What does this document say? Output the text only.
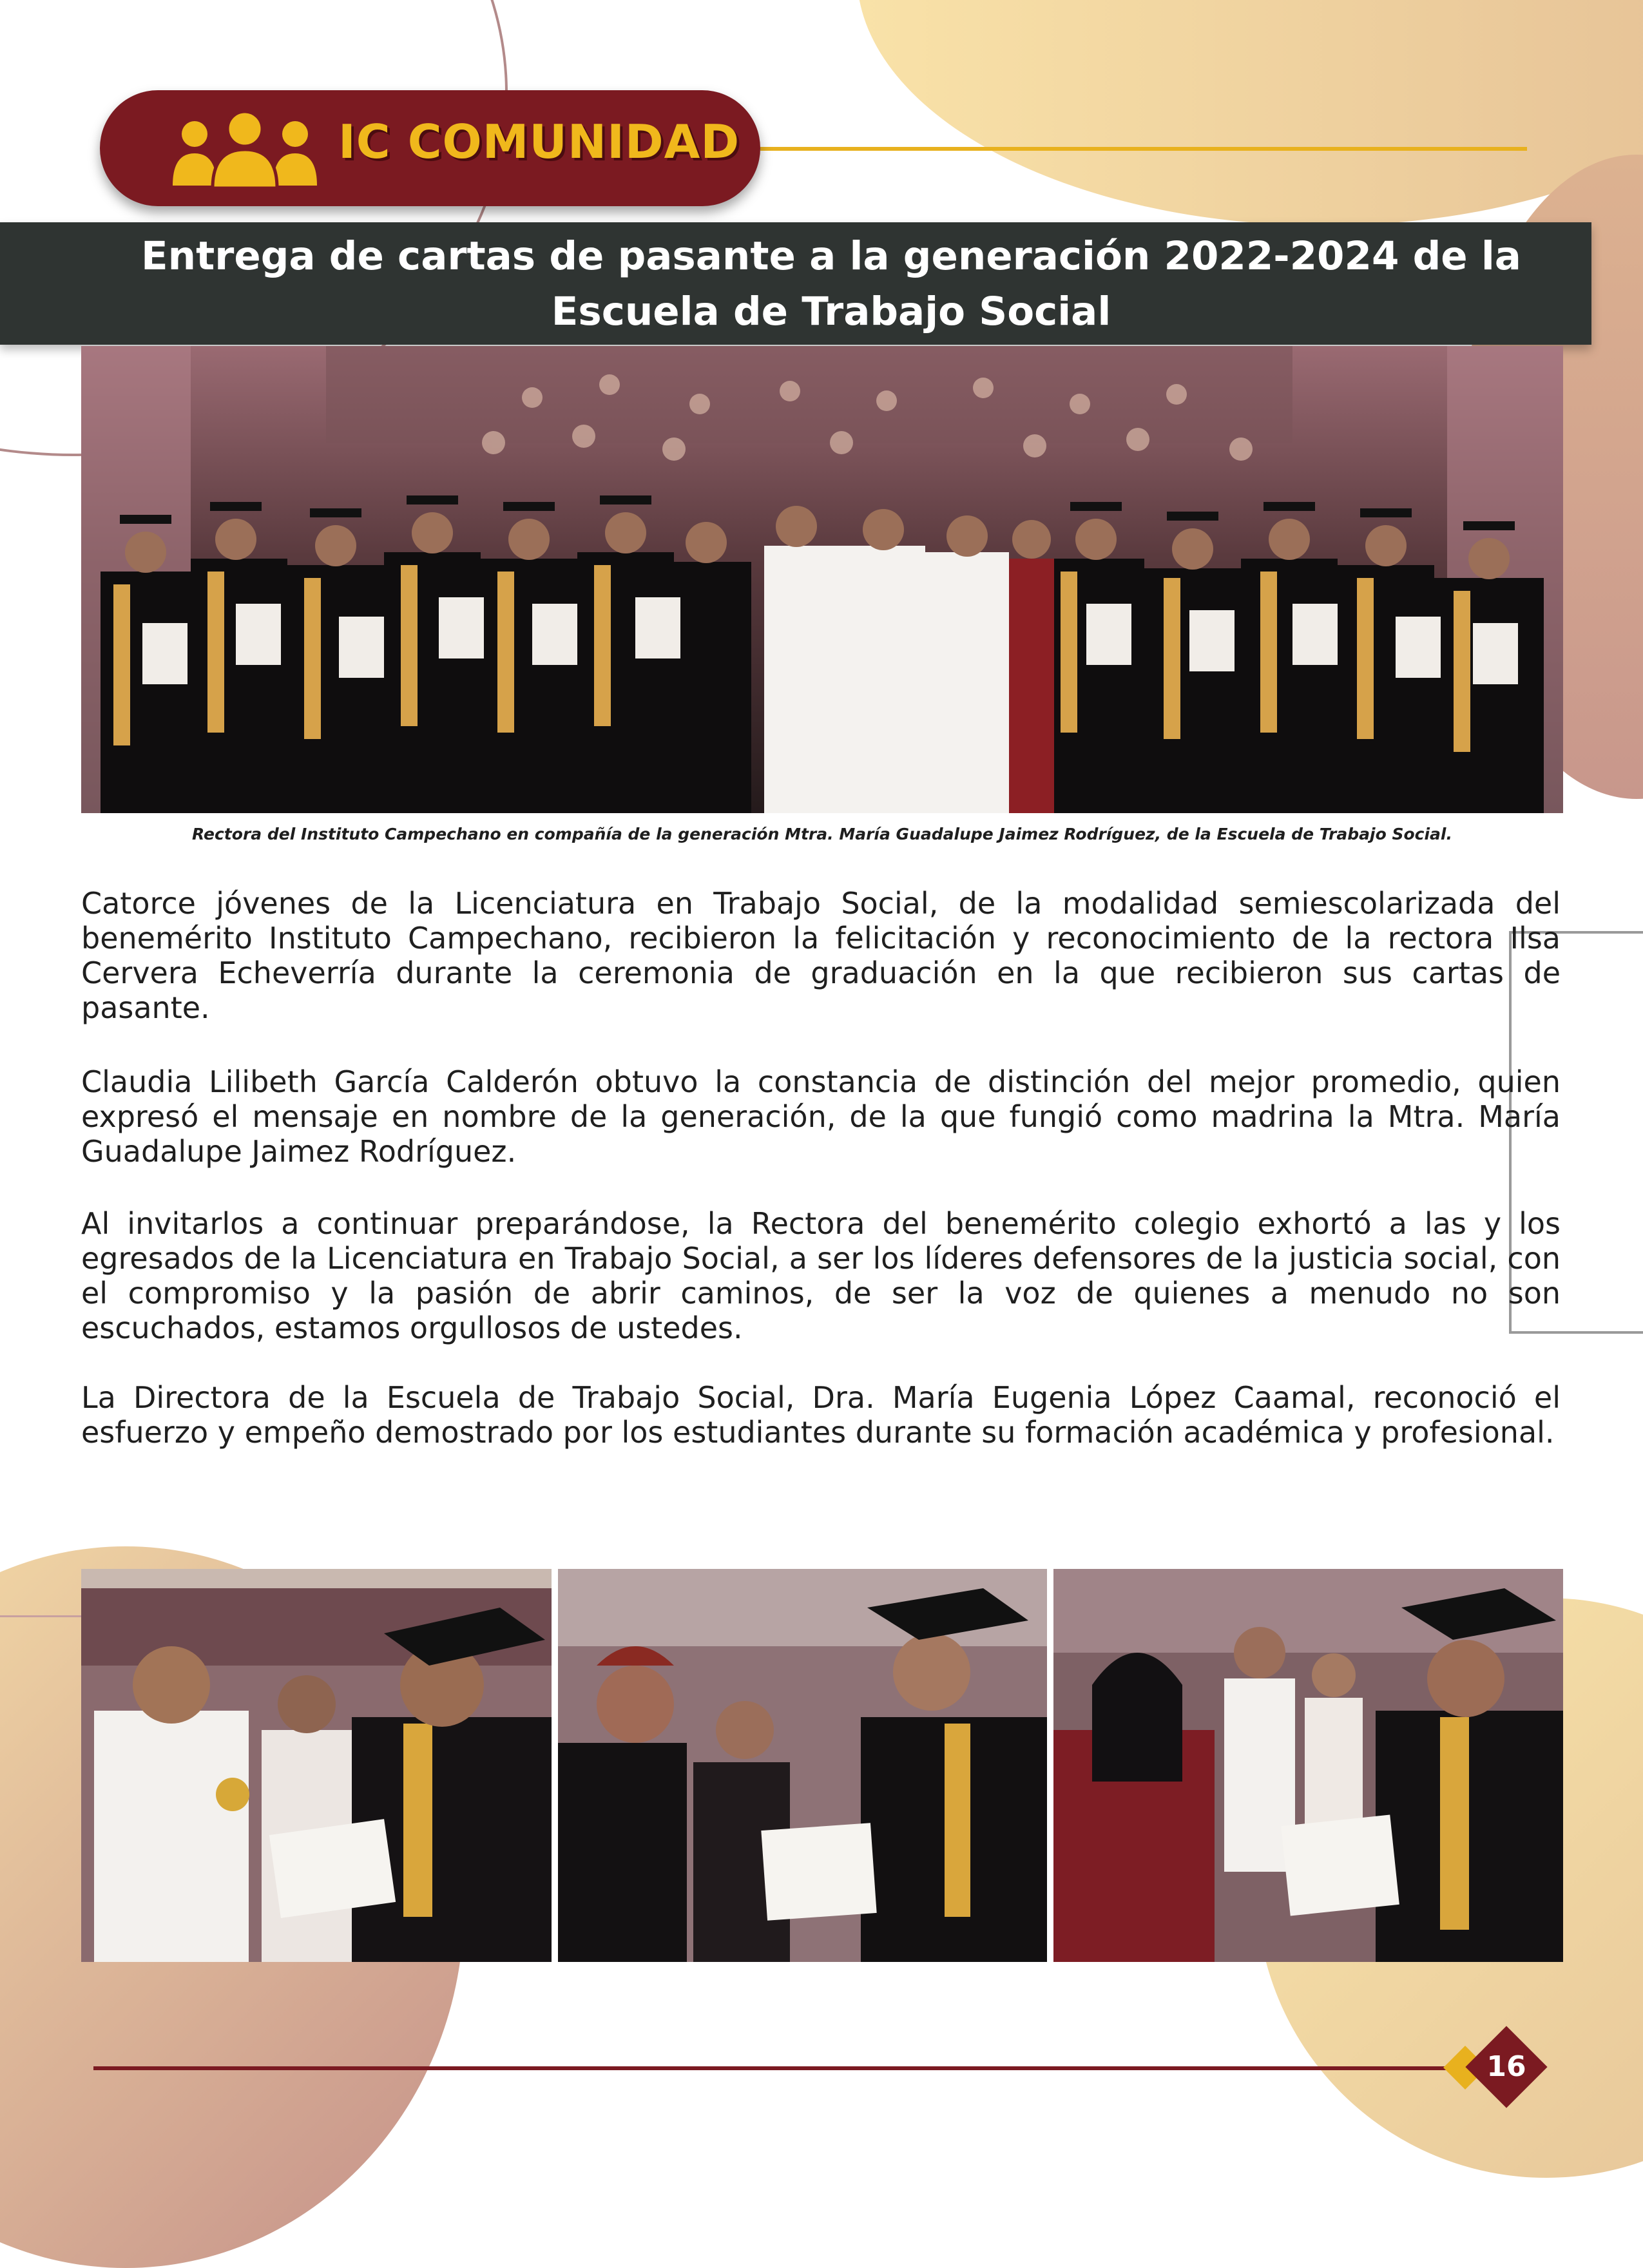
IC COMUNIDAD
Entrega de cartas de pasante a la generación 2022-2024 de la Escuela de Trabajo Social
Rectora del Instituto Campechano en compañía de la generación Mtra. María Guadalupe Jaimez Rodríguez, de la Escuela de Trabajo Social.

Catorce jóvenes de la Licenciatura en Trabajo Social, de la modalidad semiescolarizada del benemérito Instituto Campechano, recibieron la felicitación y reconocimiento de la rectora Ilsa Cervera Echeverría durante la ceremonia de graduación en la que recibieron sus cartas de pasante.

Claudia Lilibeth García Calderón obtuvo la constancia de distinción del mejor promedio, quien expresó el mensaje en nombre de la generación, de la que fungió como madrina la Mtra. María Guadalupe Jaimez Rodríguez.

Al invitarlos a continuar preparándose, la Rectora del benemérito colegio exhortó a las y los egresados de la Licenciatura en Trabajo Social, a ser los líderes defensores de la justicia social, con el compromiso y la pasión de abrir caminos, de ser la voz de quienes a menudo no son escuchados, estamos orgullosos de ustedes.

La Directora de la Escuela de Trabajo Social, Dra. María Eugenia López Caamal, reconoció el esfuerzo y empeño demostrado por los estudiantes durante su formación académica y profesional.

16
